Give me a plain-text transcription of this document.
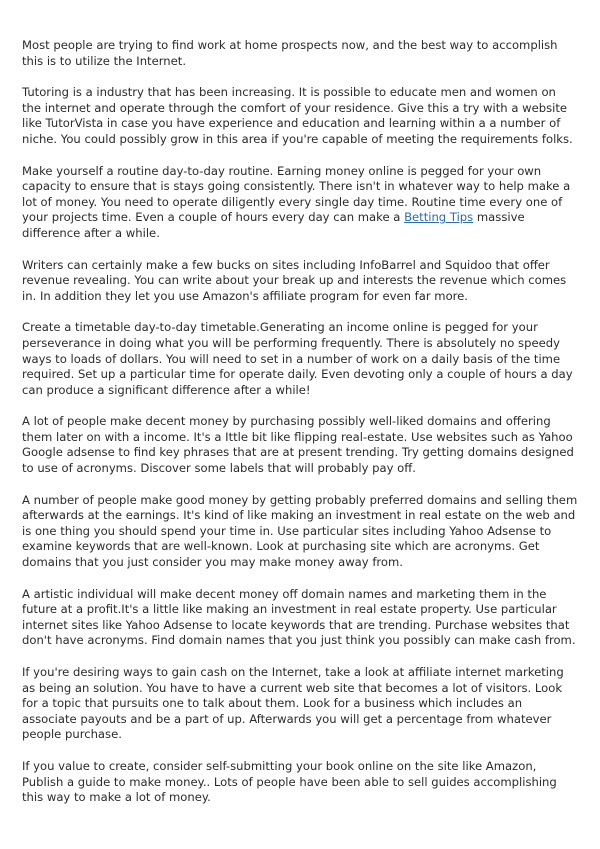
Most people are trying to find work at home prospects now, and the best way to accomplish this is to utilize the Internet.

Tutoring is a industry that has been increasing. It is possible to educate men and women on the internet and operate through the comfort of your residence. Give this a try with a website like TutorVista in case you have experience and education and learning within a a number of niche. You could possibly grow in this area if you're capable of meeting the requirements folks.

Make yourself a routine day-to-day routine. Earning money online is pegged for your own capacity to ensure that is stays going consistently. There isn't in whatever way to help make a lot of money. You need to operate diligently every single day time. Routine time every one of your projects time. Even a couple of hours every day can make a Betting Tips massive difference after a while.

Writers can certainly make a few bucks on sites including InfoBarrel and Squidoo that offer revenue revealing. You can write about your break up and interests the revenue which comes in. In addition they let you use Amazon's affiliate program for even far more.

Create a timetable day-to-day timetable.Generating an income online is pegged for your perseverance in doing what you will be performing frequently. There is absolutely no speedy ways to loads of dollars. You will need to set in a number of work on a daily basis of the time required. Set up a particular time for operate daily. Even devoting only a couple of hours a day can produce a significant difference after a while!

A lot of people make decent money by purchasing possibly well-liked domains and offering them later on with a income. It's a Ittle bit like flipping real-estate. Use websites such as Yahoo Google adsense to find key phrases that are at present trending. Try getting domains designed to use of acronyms. Discover some labels that will probably pay off.

A number of people make good money by getting probably preferred domains and selling them afterwards at the earnings. It's kind of like making an investment in real estate on the web and is one thing you should spend your time in. Use particular sites including Yahoo Adsense to examine keywords that are well-known. Look at purchasing site which are acronyms. Get domains that you just consider you may make money away from.

A artistic individual will make decent money off domain names and marketing them in the future at a profit.It's a little like making an investment in real estate property. Use particular internet sites like Yahoo Adsense to locate keywords that are trending. Purchase websites that don't have acronyms. Find domain names that you just think you possibly can make cash from.

If you're desiring ways to gain cash on the Internet, take a look at affiliate internet marketing as being an solution. You have to have a current web site that becomes a lot of visitors. Look for a topic that pursuits one to talk about them. Look for a business which includes an associate payouts and be a part of up. Afterwards you will get a percentage from whatever people purchase.

If you value to create, consider self-submitting your book online on the site like Amazon, Publish a guide to make money.. Lots of people have been able to sell guides accomplishing this way to make a lot of money.
